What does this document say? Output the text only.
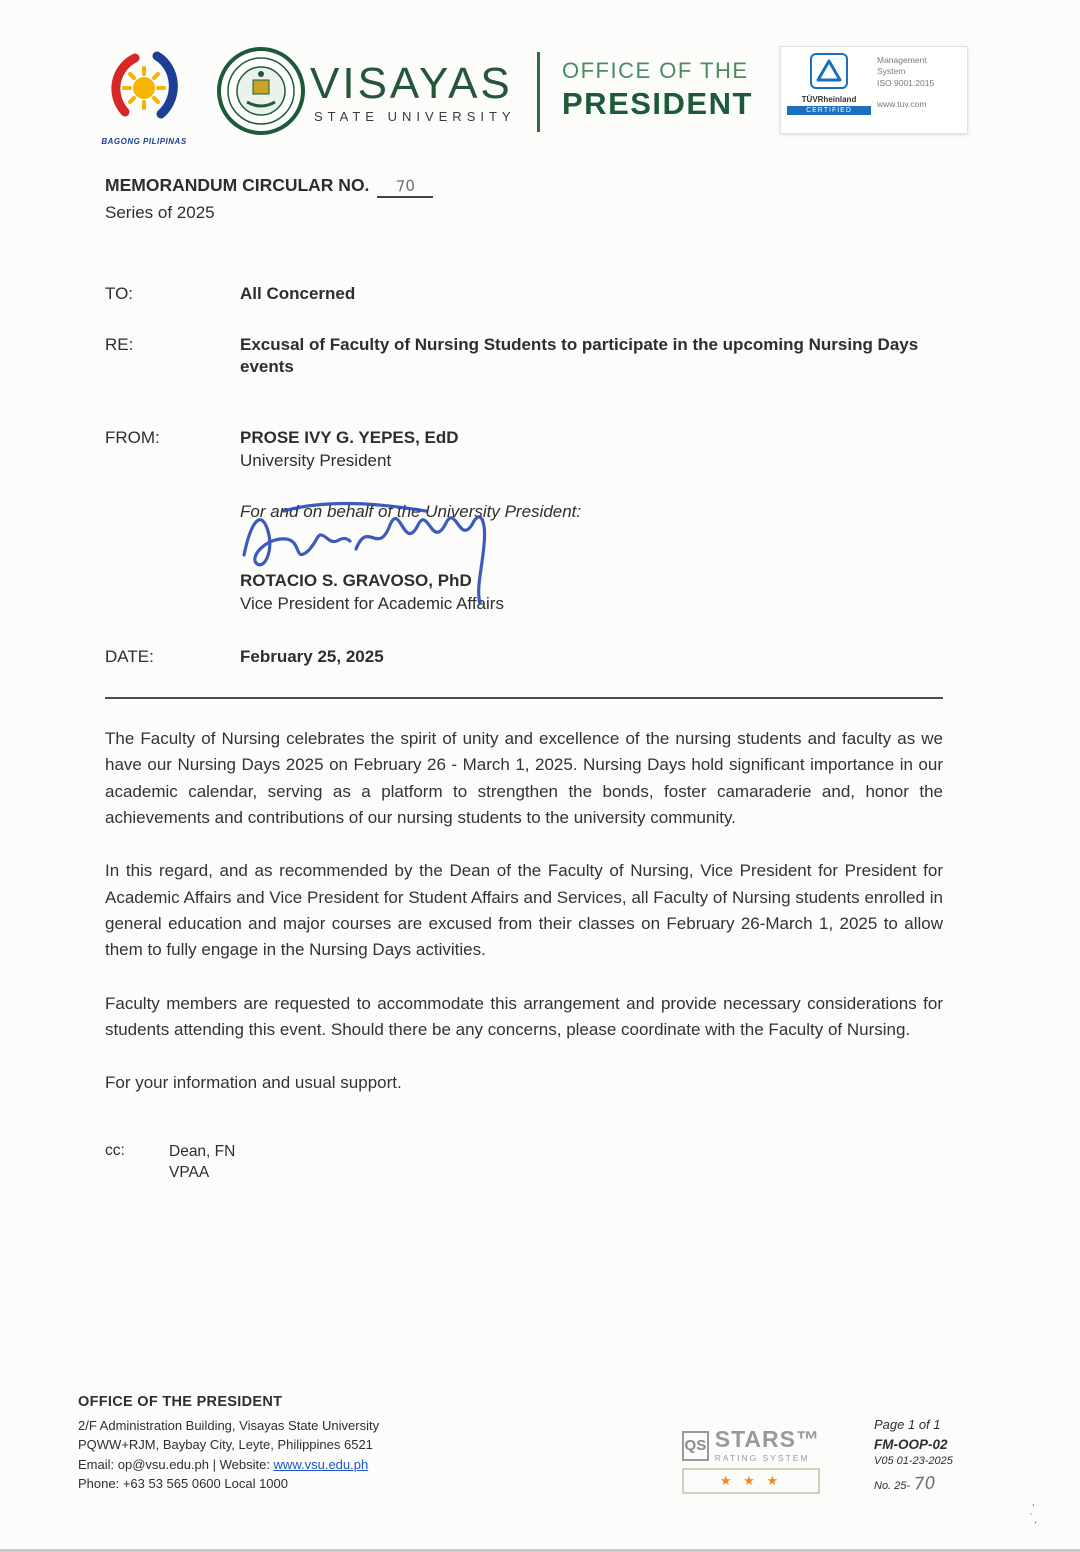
BAGONG PILIPINAS
VISAYAS
STATE UNIVERSITY
OFFICE OF THE
PRESIDENT	TÜVRheinland
CERTIFIED
Management
System
ISO 9001:2015
www.tuv.com
MEMORANDUM CIRCULAR NO. 70
Series of 2025
TO:	All Concerned
RE:	Excusal of Faculty of Nursing Students to participate in the upcoming Nursing Days events
FROM:	PROSE IVY G. YEPES, EdD
University President
For and on behalf of the University President:
ROTACIO S. GRAVOSO, PhD
Vice President for Academic Affairs
DATE:	February 25, 2025

The Faculty of Nursing celebrates the spirit of unity and excellence of the nursing students and faculty as we have our Nursing Days 2025 on February 26 - March 1, 2025. Nursing Days hold significant importance in our academic calendar, serving as a platform to strengthen the bonds, foster camaraderie and, honor the achievements and contributions of our nursing students to the university community.

In this regard, and as recommended by the Dean of the Faculty of Nursing, Vice President for President for Academic Affairs and Vice President for Student Affairs and Services, all Faculty of Nursing students enrolled in general education and major courses are excused from their classes on February 26-March 1, 2025 to allow them to fully engage in the Nursing Days activities.

Faculty members are requested to accommodate this arrangement and provide necessary considerations for students attending this event. Should there be any concerns, please coordinate with the Faculty of Nursing.

For your information and usual support.

cc:	Dean, FN
VPAA
OFFICE OF THE PRESIDENT
2/F Administration Building, Visayas State University
PQWW+RJM, Baybay City, Leyte, Philippines 6521
Email: op@vsu.edu.ph | Website: www.vsu.edu.ph
Phone: +63 53 565 0600 Local 1000
QS STARS™
RATING SYSTEM
★ ★ ★
Page 1 of 1
FM-OOP-02
V05 01-23-2025
No. 25- 70
·
˙.
